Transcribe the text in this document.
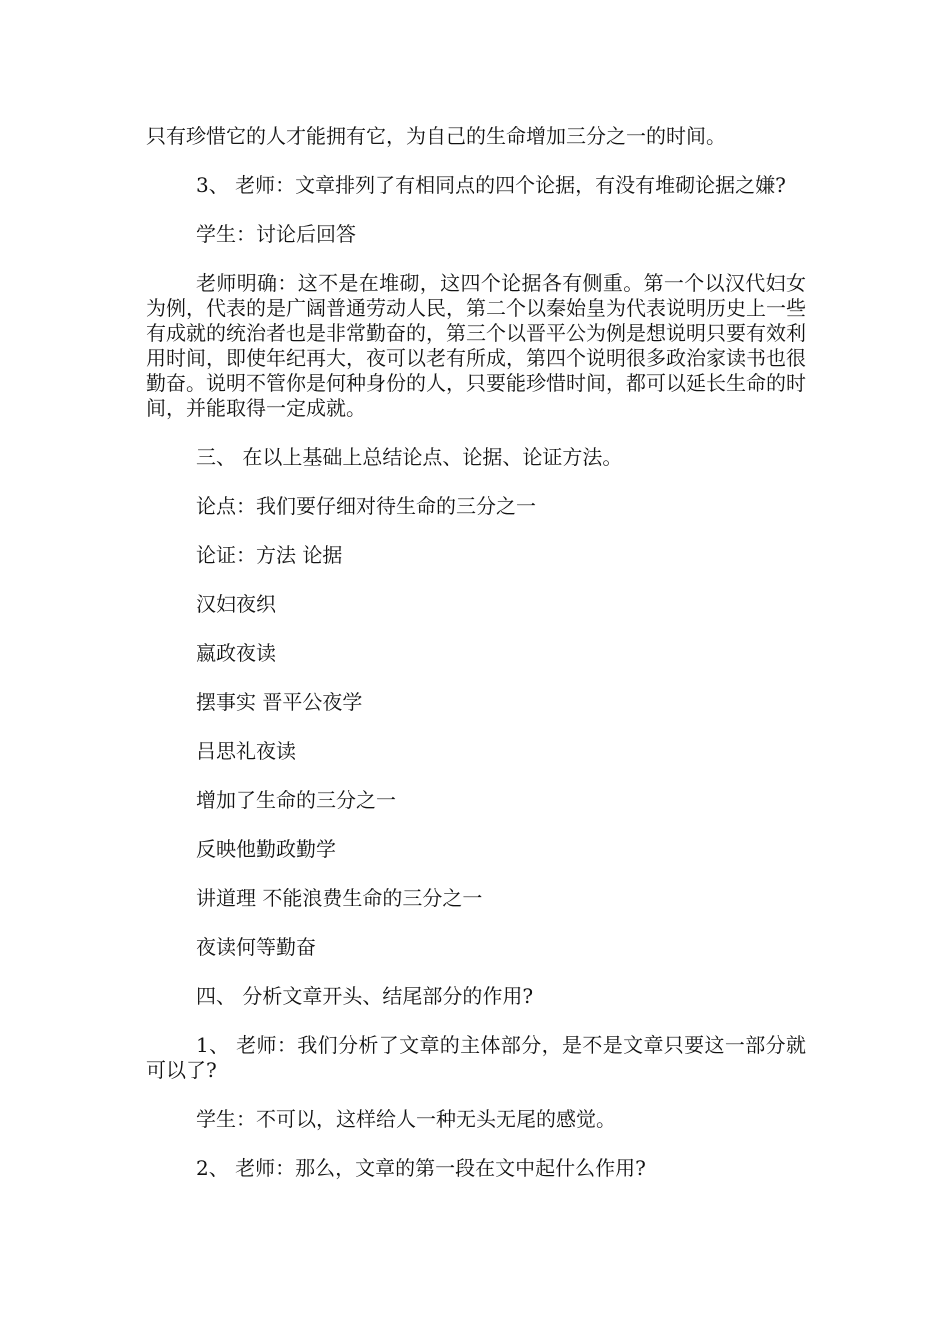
只有珍惜它的人才能拥有它，为自己的生命增加三分之一的时间。

3、 老师：文章排列了有相同点的四个论据，有没有堆砌论据之嫌?

学生：讨论后回答

老师明确：这不是在堆砌，这四个论据各有侧重。第一个以汉代妇女为例，代表的是广阔普通劳动人民，第二个以秦始皇为代表说明历史上一些有成就的统治者也是非常勤奋的，第三个以晋平公为例是想说明只要有效利用时间，即使年纪再大，夜可以老有所成，第四个说明很多政治家读书也很勤奋。说明不管你是何种身份的人，只要能珍惜时间，都可以延长生命的时间，并能取得一定成就。

三、 在以上基础上总结论点、论据、论证方法。

论点：我们要仔细对待生命的三分之一

论证：方法 论据

汉妇夜织

嬴政夜读

摆事实 晋平公夜学

吕思礼夜读

增加了生命的三分之一

反映他勤政勤学

讲道理 不能浪费生命的三分之一

夜读何等勤奋

四、 分析文章开头、结尾部分的作用?

1、 老师：我们分析了文章的主体部分，是不是文章只要这一部分就可以了?

学生：不可以，这样给人一种无头无尾的感觉。

2、 老师：那么，文章的第一段在文中起什么作用?
